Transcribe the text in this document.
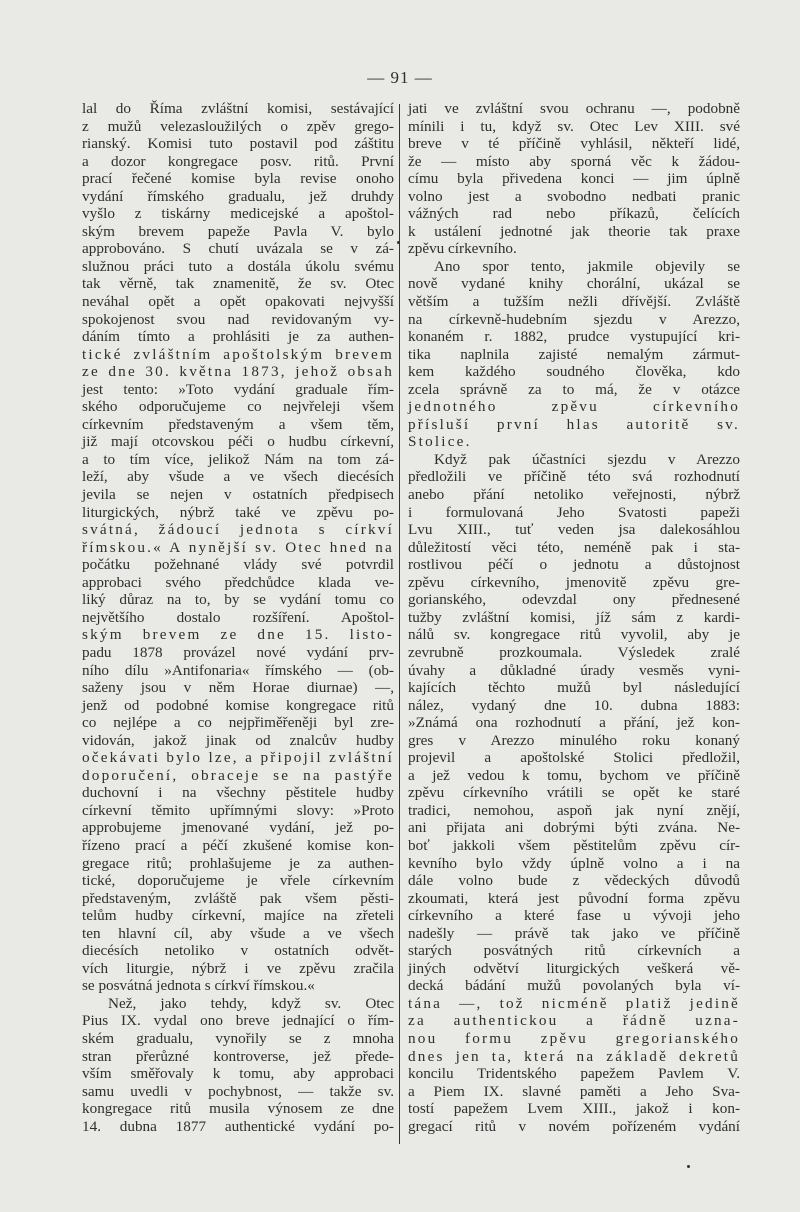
— 91 —
lal do Říma zvláštní komisi, sestávající
z mužů velezasloužilých o zpěv grego-
rianský. Komisi tuto postavil pod záštitu
a dozor kongregace posv. ritů. První
prací řečené komise byla revise onoho
vydání římského gradualu, jež druhdy
vyšlo z tiskárny medicejské a apoštol-
ským brevem papeže Pavla V. bylo
approbováno. S chutí uvázala se v zá-
služnou práci tuto a dostála úkolu svému
tak věrně, tak znamenitě, že sv. Otec
neváhal opět a opět opakovati nejvyšší
spokojenost svou nad revidovaným vy-
dáním tímto a prohlásiti je za authen-
tické zvláštním apoštolským brevem
ze dne 30. května 1873, jehož obsah
jest tento: »Toto vydání graduale řím-
ského odporučujeme co nejvřeleji všem
církevním představeným a všem těm,
již mají otcovskou péči o hudbu církevní,
a to tím více, jelikož Nám na tom zá-
leží, aby všude a ve všech diecésích
jevila se nejen v ostatních předpisech
liturgických, nýbrž také ve zpěvu po-
svátná, žádoucí jednota s církví
římskou.« A nynější sv. Otec hned na
počátku požehnané vlády své potvrdil
approbaci svého předchůdce klada ve-
liký důraz na to, by se vydání tomu co
největšího dostalo rozšíření. Apoštol-
ským brevem ze dne 15. listo-
padu 1878 provázel nové vydání prv-
ního dílu »Antifonaria« římského — (ob-
saženy jsou v něm Horae diurnae) —,
jenž od podobné komise kongregace ritů
co nejlépe a co nejpřiměřeněji byl zre-
vidován, jakož jinak od znalcův hudby
očekávati bylo lze, a připojil zvláštní
doporučení, obraceje se na pastýře
duchovní i na všechny pěstitele hudby
církevní těmito upřímnými slovy: »Proto
approbujeme jmenované vydání, jež po-
řízeno prací a péčí zkušené komise kon-
gregace ritů; prohlašujeme je za authen-
tické, doporučujeme je vřele církevním
představeným, zvláště pak všem pěsti-
telům hudby církevní, majíce na zřeteli
ten hlavní cíl, aby všude a ve všech
diecésích netoliko v ostatních odvět-
vích liturgie, nýbrž i ve zpěvu zračila
se posvátná jednota s církví římskou.«
Než, jako tehdy, když sv. Otec
Pius IX. vydal ono breve jednající o řím-
ském gradualu, vynořily se z mnoha
stran přerůzné kontroverse, jež přede-
vším směřovaly k tomu, aby approbaci
samu uvedli v pochybnost, — takže sv.
kongregace ritů musila výnosem ze dne
14. dubna 1877 authentické vydání po-
jati ve zvláštní svou ochranu —, podobně
mínili i tu, když sv. Otec Lev XIII. své
breve v té příčině vyhlásil, někteří lidé,
že — místo aby sporná věc k žádou-
címu byla přivedena konci — jim úplně
volno jest a svobodno nedbati pranic
vážných rad nebo příkazů, čelících
k ustálení jednotné jak theorie tak praxe
zpěvu církevního.
Ano spor tento, jakmile objevily se
nově vydané knihy chorální, ukázal se
větším a tužším nežli dřívější. Zvláště
na církevně-hudebním sjezdu v Arezzo,
konaném r. 1882, prudce vystupující kri-
tika naplnila zajisté nemalým zármut-
kem každého soudného člověka, kdo
zcela správně za to má, že v otázce
jednotného zpěvu církevního
přísluší první hlas autoritě sv.
Stolice.
Když pak účastníci sjezdu v Arezzo
předložili ve příčině této svá rozhodnutí
anebo přání netoliko veřejnosti, nýbrž
i formulovaná Jeho Svatosti papeži
Lvu XIII., tuť veden jsa dalekosáhlou
důležitostí věci této, neméně pak i sta-
rostlivou péčí o jednotu a důstojnost
zpěvu církevního, jmenovitě zpěvu gre-
gorianského, odevzdal ony přednesené
tužby zvláštní komisi, jíž sám z kardi-
nálů sv. kongregace ritů vyvolil, aby je
zevrubně prozkoumala. Výsledek zralé
úvahy a důkladné úrady vesměs vyni-
kajících těchto mužů byl následující
nález, vydaný dne 10. dubna 1883:
»Známá ona rozhodnutí a přání, jež kon-
gres v Arezzo minulého roku konaný
projevil a apoštolské Stolici předložil,
a jež vedou k tomu, bychom ve příčině
zpěvu církevního vrátili se opět ke staré
tradici, nemohou, aspoň jak nyní znějí,
ani přijata ani dobrými býti zvána. Ne-
boť jakkoli všem pěstitelům zpěvu cír-
kevního bylo vždy úplně volno a i na
dále volno bude z vědeckých důvodů
zkoumati, která jest původní forma zpěvu
církevního a které fase u vývoji jeho
nadešly — právě tak jako ve příčině
starých posvátných ritů církevních a
jiných odvětví liturgických veškerá vě-
decká bádání mužů povolaných byla ví-
tána —, tož nicméně platiž jedině
za authentickou a řádně uzna-
nou formu zpěvu gregorianského
dnes jen ta, která na základě dekretů
koncilu Tridentského papežem Pavlem V.
a Piem IX. slavné paměti a Jeho Sva-
tostí papežem Lvem XIII., jakož i kon-
gregací ritů v novém pořízeném vydání
